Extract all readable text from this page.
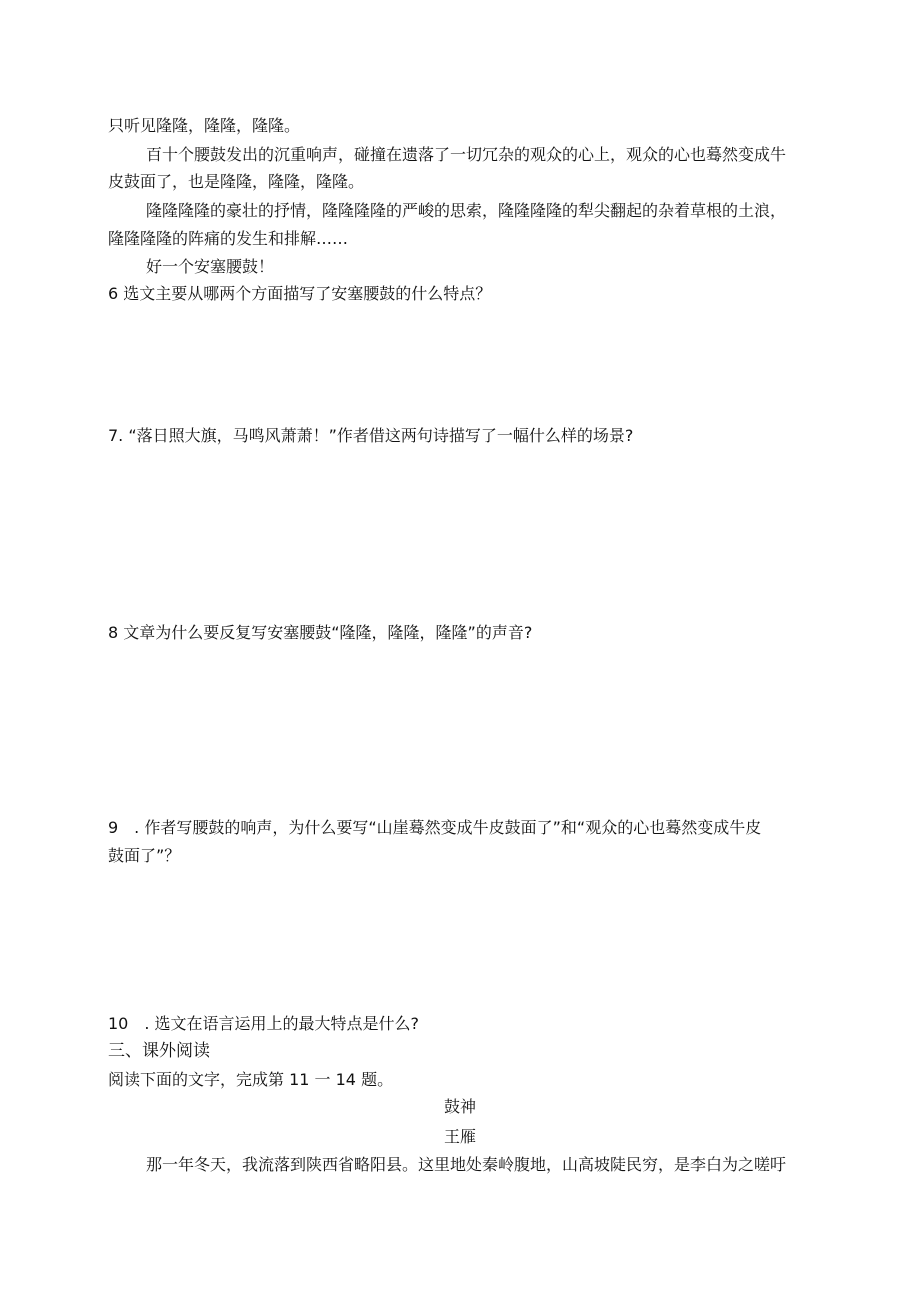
只听见隆隆，隆隆，隆隆。
百十个腰鼓发出的沉重响声，碰撞在遗落了一切冗杂的观众的心上，观众的心也蓦然变成牛
皮鼓面了，也是隆隆，隆隆，隆隆。
隆隆隆隆的豪壮的抒情，隆隆隆隆的严峻的思索，隆隆隆隆的犁尖翻起的杂着草根的土浪，
隆隆隆隆的阵痛的发生和排解……
好一个安塞腰鼓！
6 选文主要从哪两个方面描写了安塞腰鼓的什么特点？
7. “落日照大旗，马鸣风萧萧！”作者借这两句诗描写了一幅什么样的场景?
8 文章为什么要反复写安塞腰鼓“隆隆，隆隆，隆隆”的声音?
9　. 作者写腰鼓的响声，为什么要写“山崖蓦然变成牛皮鼓面了”和“观众的心也蓦然变成牛皮
鼓面了”？
10　. 选文在语言运用上的最大特点是什么?
三、课外阅读
阅读下面的文字，完成第 11 一 14 题。
鼓神
王雁
那一年冬天，我流落到陕西省略阳县。这里地处秦岭腹地，山高坡陡民穷，是李白为之嗟吁
